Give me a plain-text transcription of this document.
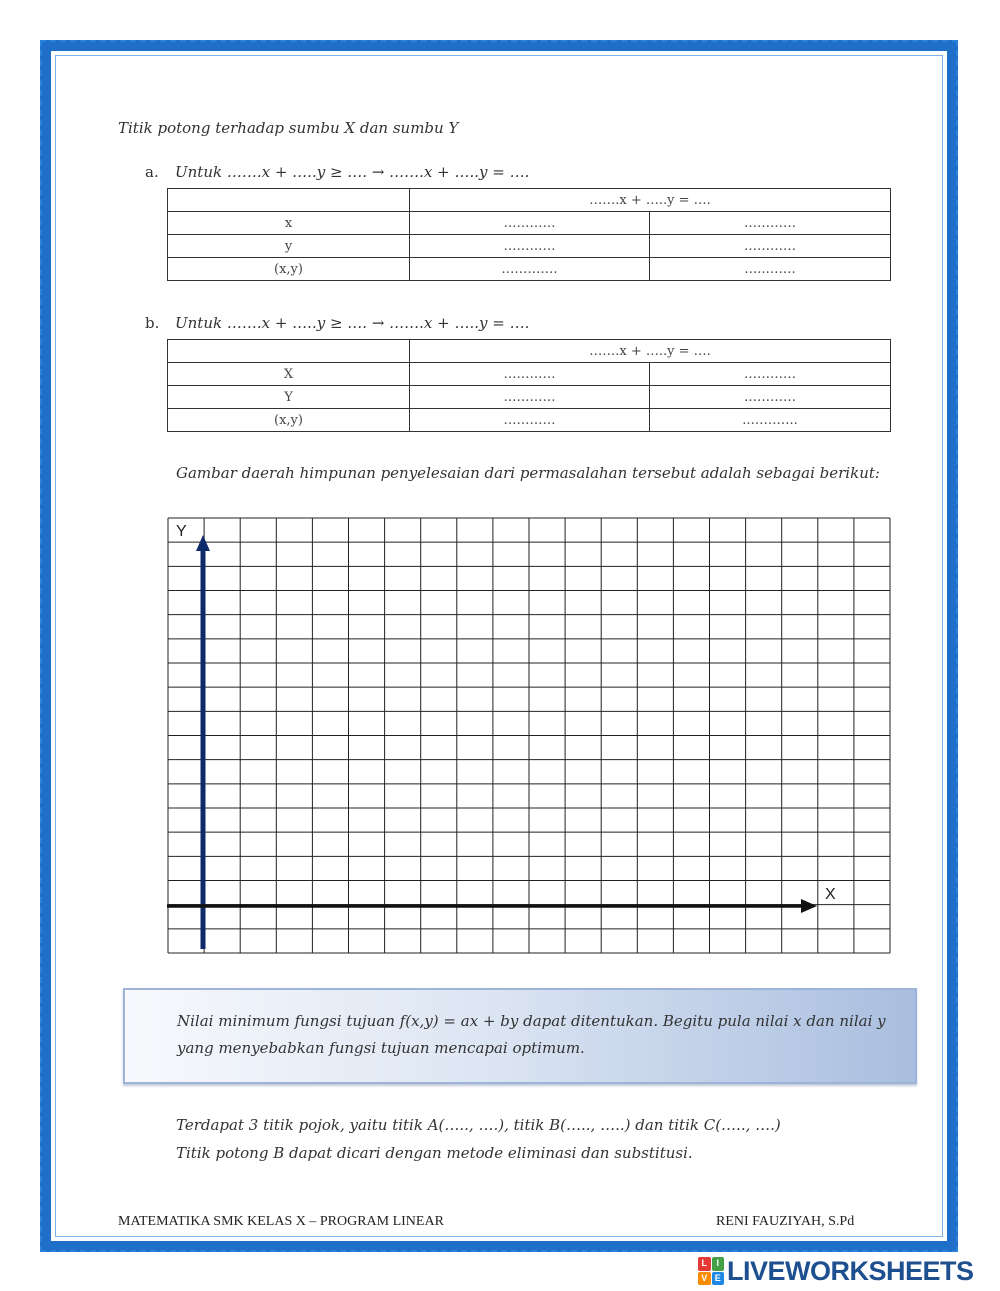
Titik potong terhadap sumbu X dan sumbu Y
a. Untuk …….x + …..y ≥ …. → …….x + …..y = ….
	…….x + …..y = ….	
x	…………	…………
y	…………	…………
(x,y)	………….	…..…….
b. Untuk …….x + …..y ≥ …. → …….x + …..y = ….
	…….x + …..y = ….	
X	…………	…………
Y	…………	…………
(x,y)	…………	..………..
Gambar daerah himpunan penyelesaian dari permasalahan tersebut adalah sebagai berikut:
Y
X
Nilai minimum fungsi tujuan f(x,y) = ax + by dapat ditentukan. Begitu pula nilai x dan nilai y yang menyebabkan fungsi tujuan mencapai optimum.
Terdapat 3 titik pojok, yaitu titik A(….., ….), titik B(….., …..) dan titik C(….., ….)
Titik potong B dapat dicari dengan metode eliminasi dan substitusi.
MATEMATIKA SMK KELAS X – PROGRAM LINEAR	RENI FAUZIYAH, S.Pd
L	I
V E LIVEWORKSHEETS
